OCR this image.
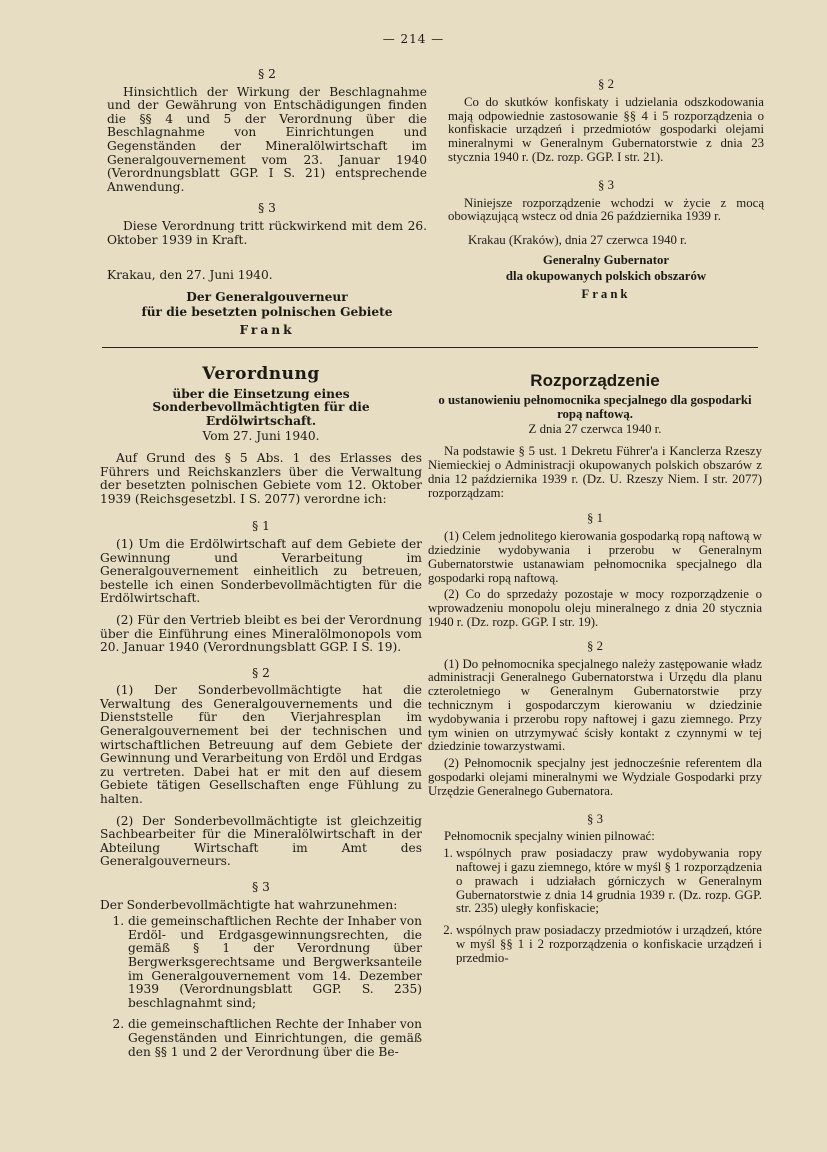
— 214 —
§ 2

Hinsichtlich der Wirkung der Beschlagnahme und der Gewährung von Entschädigungen finden die §§ 4 und 5 der Verordnung über die Beschlagnahme von Einrichtungen und Gegenständen der Mineralölwirtschaft im Generalgouvernement vom 23. Januar 1940 (Verordnungsblatt GGP. I S. 21) entsprechende Anwendung.

§ 3

Diese Verordnung tritt rückwirkend mit dem 26. Oktober 1939 in Kraft.

Krakau, den 27. Juni 1940.

Der Generalgouverneur
für die besetzten polnischen Gebiete
Frank
§ 2

Co do skutków konfiskaty i udzielania odszkodowania mają odpowiednie zastosowanie §§ 4 i 5 rozporządzenia o konfiskacie urządzeń i przedmiotów gospodarki olejami mineralnymi w Generalnym Gubernatorstwie z dnia 23 stycznia 1940 r. (Dz. rozp. GGP. I str. 21).

§ 3

Niniejsze rozporządzenie wchodzi w życie z mocą obowiązującą wstecz od dnia 26 października 1939 r.

Krakau (Kraków), dnia 27 czerwca 1940 r.

Generalny Gubernator
dla okupowanych polskich obszarów
Frank
Verordnung
über die Einsetzung eines Sonderbevollmächtigten für die Erdölwirtschaft.
Vom 27. Juni 1940.

Auf Grund des § 5 Abs. 1 des Erlasses des Führers und Reichskanzlers über die Verwaltung der besetzten polnischen Gebiete vom 12. Oktober 1939 (Reichsgesetzbl. I S. 2077) verordne ich:

§ 1

(1) Um die Erdölwirtschaft auf dem Gebiete der Gewinnung und Verarbeitung im Generalgouvernement einheitlich zu betreuen, bestelle ich einen Sonderbevollmächtigten für die Erdölwirtschaft.

(2) Für den Vertrieb bleibt es bei der Verordnung über die Einführung eines Mineralölmonopols vom 20. Januar 1940 (Verordnungsblatt GGP. I S. 19).

§ 2

(1) Der Sonderbevollmächtigte hat die Verwaltung des Generalgouvernements und die Dienststelle für den Vierjahresplan im Generalgouvernement bei der technischen und wirtschaftlichen Betreuung auf dem Gebiete der Gewinnung und Verarbeitung von Erdöl und Erdgas zu vertreten. Dabei hat er mit den auf diesem Gebiete tätigen Gesellschaften enge Fühlung zu halten.

(2) Der Sonderbevollmächtigte ist gleichzeitig Sachbearbeiter für die Mineralölwirtschaft in der Abteilung Wirtschaft im Amt des Generalgouverneurs.

§ 3

Der Sonderbevollmächtigte hat wahrzunehmen:

1. die gemeinschaftlichen Rechte der Inhaber von Erdöl- und Erdgasgewinnungsrechten, die gemäß § 1 der Verordnung über Bergwerksgerechtsame und Bergwerksanteile im Generalgouvernement vom 14. Dezember 1939 (Verordnungsblatt GGP. S. 235) beschlagnahmt sind;
2. die gemeinschaftlichen Rechte der Inhaber von Gegenständen und Einrichtungen, die gemäß den §§ 1 und 2 der Verordnung über die Be-
Rozporządzenie
o ustanowieniu pełnomocnika specjalnego dla gospodarki ropą naftową.
Z dnia 27 czerwca 1940 r.

Na podstawie § 5 ust. 1 Dekretu Führer'a i Kanclerza Rzeszy Niemieckiej o Administracji okupowanych polskich obszarów z dnia 12 października 1939 r. (Dz. U. Rzeszy Niem. I str. 2077) rozporządzam:

§ 1

(1) Celem jednolitego kierowania gospodarką ropą naftową w dziedzinie wydobywania i przerobu w Generalnym Gubernatorstwie ustanawiam pełnomocnika specjalnego dla gospodarki ropą naftową.

(2) Co do sprzedaży pozostaje w mocy rozporządzenie o wprowadzeniu monopolu oleju mineralnego z dnia 20 stycznia 1940 r. (Dz. rozp. GGP. I str. 19).

§ 2

(1) Do pełnomocnika specjalnego należy zastępowanie władz administracji Generalnego Gubernatorstwa i Urzędu dla planu czteroletniego w Generalnym Gubernatorstwie przy technicznym i gospodarczym kierowaniu w dziedzinie wydobywania i przerobu ropy naftowej i gazu ziemnego. Przy tym winien on utrzymywać ścisły kontakt z czynnymi w tej dziedzinie towarzystwami.

(2) Pełnomocnik specjalny jest jednocześnie referentem dla gospodarki olejami mineralnymi we Wydziale Gospodarki przy Urzędzie Generalnego Gubernatora.

§ 3

Pełnomocnik specjalny winien pilnować:

1. wspólnych praw posiadaczy praw wydobywania ropy naftowej i gazu ziemnego, które w myśl § 1 rozporządzenia o prawach i udziałach górniczych w Generalnym Gubernatorstwie z dnia 14 grudnia 1939 r. (Dz. rozp. GGP. str. 235) uległy konfiskacie;
2. wspólnych praw posiadaczy przedmiotów i urządzeń, które w myśl §§ 1 i 2 rozporządzenia o konfiskacie urządzeń i przedmio-
